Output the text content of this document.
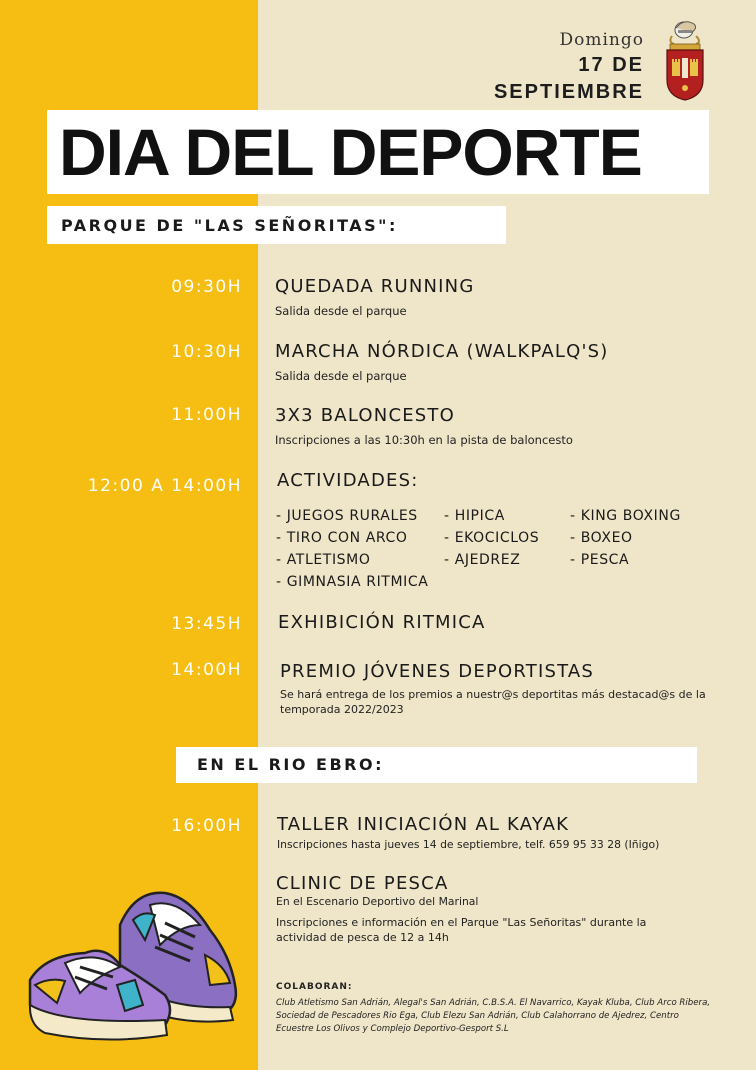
Domingo
17 DE
SEPTIEMBRE
DIA DEL DEPORTE
PARQUE DE "LAS SEÑORITAS":
09:30H QUEDADA RUNNING
Salida desde el parque
10:30H MARCHA NÓRDICA (WALKPALQ'S)
Salida desde el parque
11:00H 3X3 BALONCESTO
Inscripciones a las 10:30h en la pista de baloncesto
12:00 A 14:00H ACTIVIDADES:
- JUEGOS RURALES
- TIRO CON ARCO
- ATLETISMO
- GIMNASIA RITMICA
- HIPICA
- EKOCICLOS
- AJEDREZ
- KING BOXING
- BOXEO
- PESCA
13:45H EXHIBICIÓN RITMICA
14:00H PREMIO JÓVENES DEPORTISTAS
Se hará entrega de los premios a nuestr@s deportitas más destacad@s de la temporada 2022/2023
EN EL RIO EBRO:
16:00H TALLER INICIACIÓN AL KAYAK
Inscripciones hasta jueves 14 de septiembre, telf. 659 95 33 28 (Iñigo)
CLINIC DE PESCA
En el Escenario Deportivo del Marinal
Inscripciones e información en el Parque "Las Señoritas" durante la actividad de pesca de 12 a 14h
COLABORAN:
Club Atletismo San Adrián, Alegal's San Adrián, C.B.S.A. El Navarrico, Kayak Kluba, Club Arco Ribera, Sociedad de Pescadores Rio Ega, Club Elezu San Adrián, Club Calahorrano de Ajedrez, Centro Ecuestre Los Olivos y Complejo Deportivo-Gesport S.L
